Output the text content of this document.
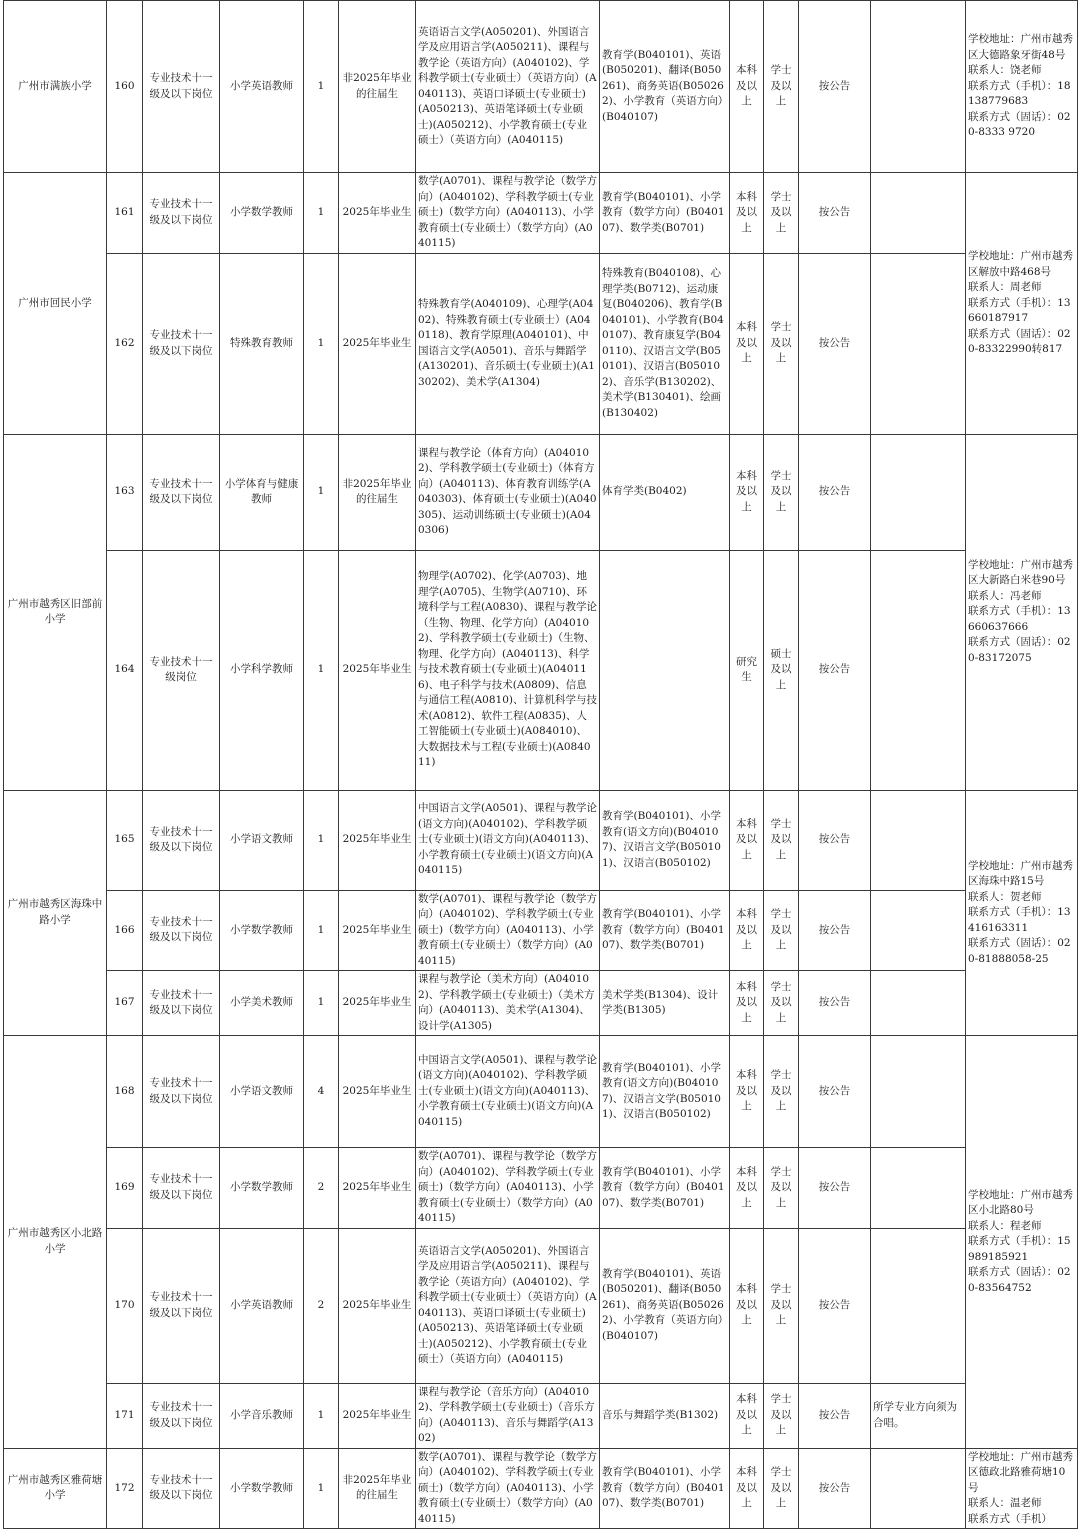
广州市满族小学	160	专业技术十一级及以下岗位	小学英语教师	1	非2025年毕业的往届生	英语语言文学(A050201)、外国语言学及应用语言学(A050211)、课程与教学论（英语方向）(A040102)、学科教学硕士(专业硕士）（英语方向）(A040113)、英语口译硕士(专业硕士)(A050213)、英语笔译硕士(专业硕士)(A050212)、小学教育硕士(专业硕士）（英语方向）(A040115)	教育学(B040101)、英语(B050201)、翻译(B050261)、商务英语(B050262)、小学教育（英语方向）(B040107)	本科及以上	学士及以上	按公告		学校地址：广州市越秀区大德路象牙街48号
联系人：饶老师
联系方式（手机）：18138779683
联系方式（固话）：020-8333 9720

广州市回民小学	161	专业技术十一级及以下岗位	小学数学教师	1	2025年毕业生	数学(A0701)、课程与教学论（数学方向）(A040102)、学科教学硕士(专业硕士)（数学方向）(A040113)、小学教育硕士(专业硕士）（数学方向）(A040115)	教育学(B040101)、小学教育（数学方向）(B040107)、数学类(B0701)	本科及以上	学士及以上	按公告		学校地址：广州市越秀区解放中路468号
联系人：周老师
联系方式（手机）：13660187917
联系方式（固话）：020-83322990转817

	162	专业技术十一级及以下岗位	特殊教育教师	1	2025年毕业生	特殊教育学(A040109)、心理学(A0402)、特殊教育硕士(专业硕士）(A040118)、教育学原理(A040101)、中国语言文学(A0501)、音乐与舞蹈学(A130201)、音乐硕士(专业硕士)(A130202)、美术学(A1304)	特殊教育(B040108)、心理学类(B0712)、运动康复(B040206)、教育学(B040101)、小学教育(B040107)、教育康复学(B040110)、汉语言文学(B050101)、汉语言(B050102)、音乐学(B130202)、美术学(B130401)、绘画(B130402)	本科及以上	学士及以上	按公告		
广州市越秀区旧部前小学	163	专业技术十一级及以下岗位	小学体育与健康教师	1	非2025年毕业的往届生	课程与教学论（体育方向）(A040102)、学科教学硕士(专业硕士)（体育方向）(A040113)、体育教育训练学(A040303)、体育硕士(专业硕士)(A040305)、运动训练硕士(专业硕士)(A040306)	体育学类(B0402)	本科及以上	学士及以上	按公告		学校地址：广州市越秀区大新路白米巷90号
联系人：冯老师
联系方式（手机）：13660637666
联系方式（固话）：020-83172075

	164	专业技术十一级岗位	小学科学教师	1	2025年毕业生	物理学(A0702)、化学(A0703)、地理学(A0705)、生物学(A0710)、环境科学与工程(A0830)、课程与教学论（生物、物理、化学方向）(A040102)、学科教学硕士(专业硕士)（生物、物理、化学方向）(A040113)、科学与技术教育硕士(专业硕士)(A040116)、电子科学与技术(A0809)、信息与通信工程(A0810)、计算机科学与技术(A0812)、软件工程(A0835)、人工智能硕士(专业硕士)(A084010)、大数据技术与工程(专业硕士)(A084011)		研究生	硕士及以上	按公告		
广州市越秀区海珠中路小学	165	专业技术十一级及以下岗位	小学语文教师	1	2025年毕业生	中国语言文学(A0501)、课程与教学论(语文方向)(A040102)、学科教学硕士(专业硕士)(语文方向)(A040113)、小学教育硕士(专业硕士)(语文方向)(A040115)	教育学(B040101)、小学教育(语文方向)(B040107)、汉语言文学(B050101)、汉语言(B050102)	本科及以上	学士及以上	按公告		学校地址：广州市越秀区海珠中路15号
联系人：贺老师
联系方式（手机）：13416163311
联系方式（固话）：020-81888058-25

	166	专业技术十一级及以下岗位	小学数学教师	1	2025年毕业生	数学(A0701)、课程与教学论（数学方向）(A040102)、学科教学硕士(专业硕士)（数学方向）(A040113)、小学教育硕士(专业硕士）（数学方向）(A040115)	教育学(B040101)、小学教育（数学方向）(B040107)、数学类(B0701)	本科及以上	学士及以上	按公告		
	167	专业技术十一级及以下岗位	小学美术教师	1	2025年毕业生	课程与教学论（美术方向）(A040102)、学科教学硕士(专业硕士)（美术方向）(A040113)、美术学(A1304)、设计学(A1305)	美术学类(B1304)、设计学类(B1305)	本科及以上	学士及以上	按公告		
广州市越秀区小北路小学	168	专业技术十一级及以下岗位	小学语文教师	4	2025年毕业生	中国语言文学(A0501)、课程与教学论(语文方向)(A040102)、学科教学硕士(专业硕士)(语文方向)(A040113)、小学教育硕士(专业硕士)(语文方向)(A040115)	教育学(B040101)、小学教育(语文方向)(B040107)、汉语言文学(B050101)、汉语言(B050102)	本科及以上	学士及以上	按公告		学校地址：广州市越秀区小北路80号
联系人：程老师
联系方式（手机）：15989185921
联系方式（固话）：020-83564752

	169	专业技术十一级及以下岗位	小学数学教师	2	2025年毕业生	数学(A0701)、课程与教学论（数学方向）(A040102)、学科教学硕士(专业硕士)（数学方向）(A040113)、小学教育硕士(专业硕士）（数学方向）(A040115)	教育学(B040101)、小学教育（数学方向）(B040107)、数学类(B0701)	本科及以上	学士及以上	按公告		
	170	专业技术十一级及以下岗位	小学英语教师	2	2025年毕业生	英语语言文学(A050201)、外国语言学及应用语言学(A050211)、课程与教学论（英语方向）(A040102)、学科教学硕士(专业硕士）（英语方向）(A040113)、英语口译硕士(专业硕士)(A050213)、英语笔译硕士(专业硕士)(A050212)、小学教育硕士(专业硕士）（英语方向）(A040115)	教育学(B040101)、英语(B050201)、翻译(B050261)、商务英语(B050262)、小学教育（英语方向）(B040107)	本科及以上	学士及以上	按公告		
	171	专业技术十一级及以下岗位	小学音乐教师	1	2025年毕业生	课程与教学论（音乐方向）(A040102)、学科教学硕士(专业硕士)（音乐方向）(A040113)、音乐与舞蹈学(A1302)	音乐与舞蹈学类(B1302)	本科及以上	学士及以上	按公告	所学专业方向须为合唱。	
广州市越秀区雅荷塘小学	172	专业技术十一级及以下岗位	小学数学教师	1	非2025年毕业的往届生	数学(A0701)、课程与教学论（数学方向）(A040102)、学科教学硕士(专业硕士)（数学方向）(A040113)、小学教育硕士(专业硕士）（数学方向）(A040115)	教育学(B040101)、小学教育（数学方向）(B040107)、数学类(B0701)	本科及以上	学士及以上	按公告		学校地址：广州市越秀区德政北路雅荷塘10号
联系人：温老师
联系方式（手机）
